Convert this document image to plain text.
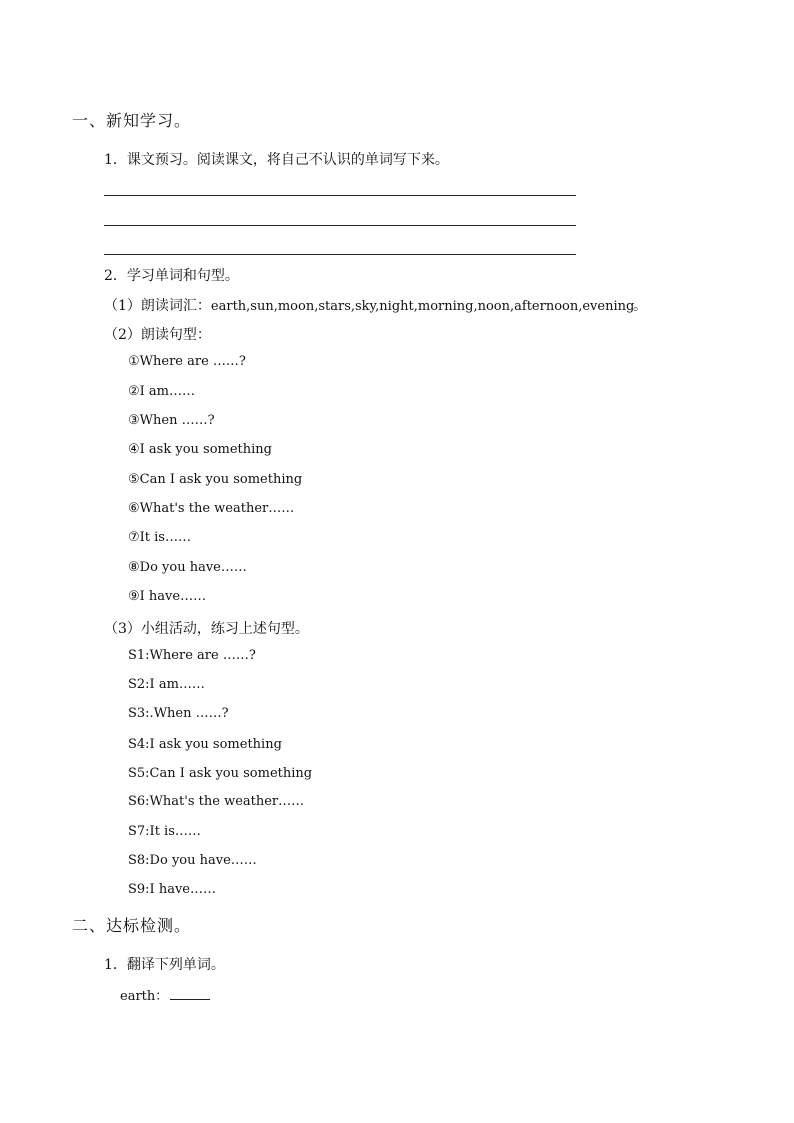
一、新知学习。
1．课文预习。阅读课文，将自己不认识的单词写下来。
2．学习单词和句型。
（1）朗读词汇：earth,sun,moon,stars,sky,night,morning,noon,afternoon,evening
。
（2）朗读句型：
①Where are ……?
②I am……
③When ……?
④I ask you something
⑤Can I ask you something
⑥What's the weather……
⑦It is……
⑧Do you have……
⑨I have……
（3）小组活动，练习上述句型。
S1:Where are ……?
S2:I am……
S3:.When ……?
S4:I ask you something
S5:Can I ask you something
S6:What's the weather……
S7:It is……
S8:Do you have……
S9:I have……
二、达标检测。
1．翻译下列单词。
earth：
